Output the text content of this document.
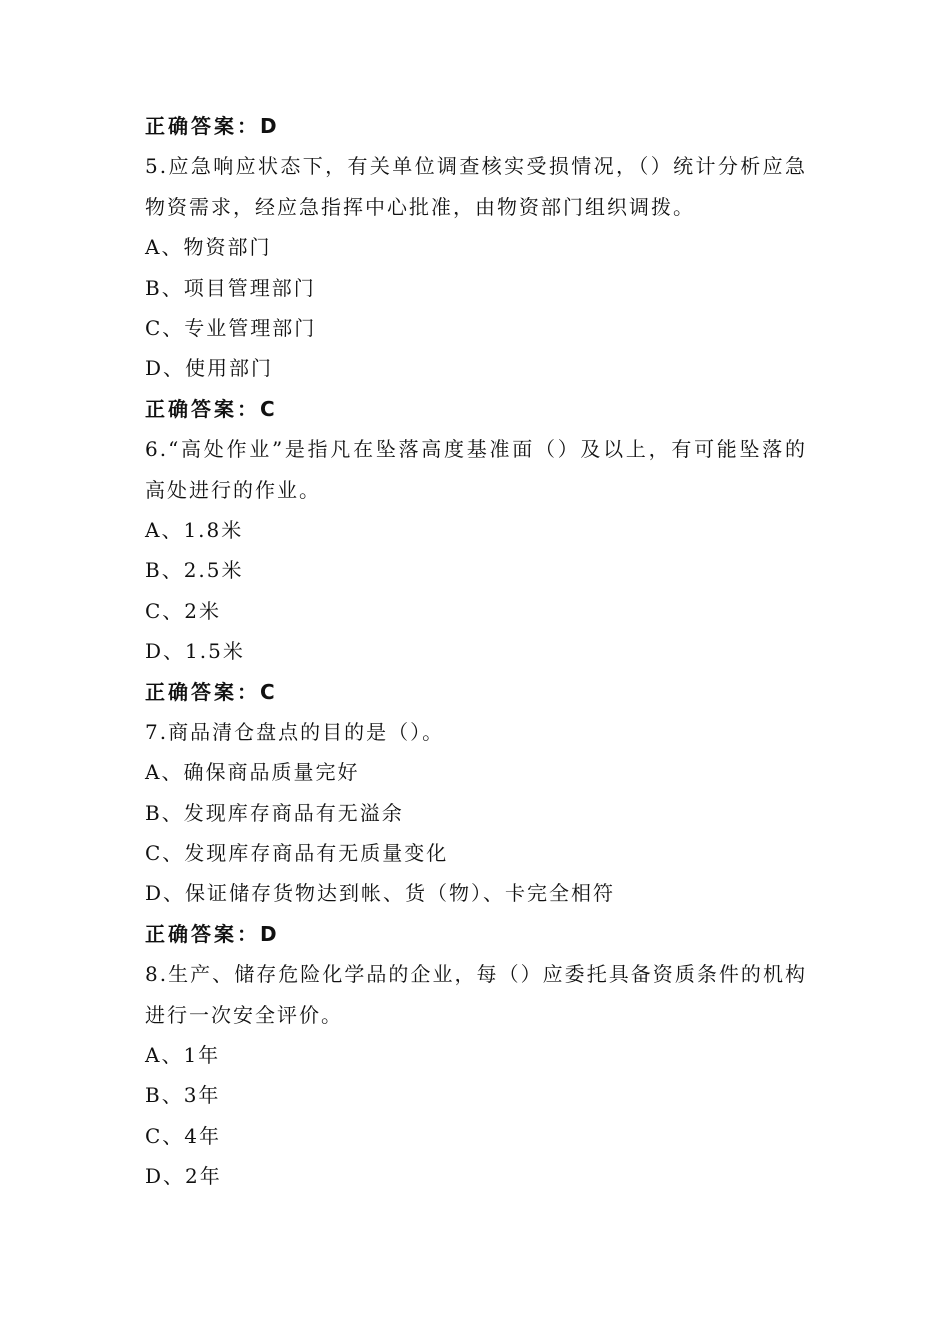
正确答案：D
5.应急响应状态下，有关单位调查核实受损情况，（）统计分析应急物资需求，经应急指挥中心批准，由物资部门组织调拨。
A、物资部门
B、项目管理部门
C、专业管理部门
D、使用部门
正确答案：C
6.“高处作业”是指凡在坠落高度基准面（）及以上，有可能坠落的高处进行的作业。
A、1.8米
B、2.5米
C、2米
D、1.5米
正确答案：C
7.商品清仓盘点的目的是（）。
A、确保商品质量完好
B、发现库存商品有无溢余
C、发现库存商品有无质量变化
D、保证储存货物达到帐、货（物）、卡完全相符
正确答案：D
8.生产、储存危险化学品的企业，每（）应委托具备资质条件的机构进行一次安全评价。
A、1年
B、3年
C、4年
D、2年
